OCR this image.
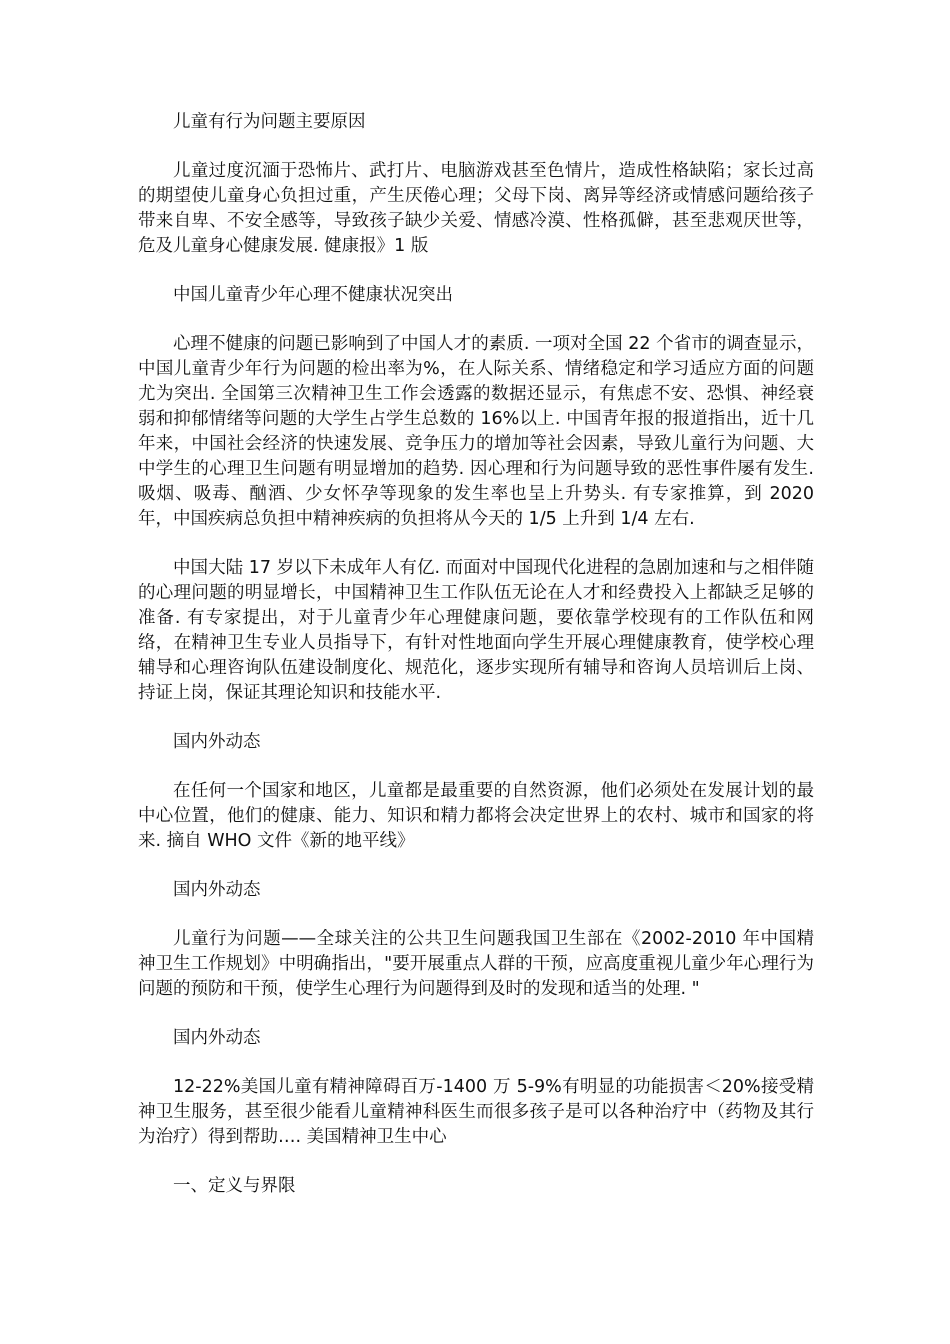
儿童有行为问题主要原因

儿童过度沉湎于恐怖片、武打片、电脑游戏甚至色情片，造成性格缺陷；家长过高的期望使儿童身心负担过重，产生厌倦心理；父母下岗、离异等经济或情感问题给孩子带来自卑、不安全感等，导致孩子缺少关爱、情感冷漠、性格孤僻，甚至悲观厌世等，危及儿童身心健康发展. 健康报》1 版

中国儿童青少年心理不健康状况突出

心理不健康的问题已影响到了中国人才的素质. 一项对全国 22 个省市的调查显示，中国儿童青少年行为问题的检出率为%，在人际关系、情绪稳定和学习适应方面的问题尤为突出. 全国第三次精神卫生工作会透露的数据还显示，有焦虑不安、恐惧、神经衰弱和抑郁情绪等问题的大学生占学生总数的 16%以上. 中国青年报的报道指出，近十几年来，中国社会经济的快速发展、竞争压力的增加等社会因素，导致儿童行为问题、大中学生的心理卫生问题有明显增加的趋势. 因心理和行为问题导致的恶性事件屡有发生. 吸烟、吸毒、酗酒、少女怀孕等现象的发生率也呈上升势头. 有专家推算，到 2020 年，中国疾病总负担中精神疾病的负担将从今天的 1/5 上升到 1/4 左右.

中国大陆 17 岁以下未成年人有亿. 而面对中国现代化进程的急剧加速和与之相伴随的心理问题的明显增长，中国精神卫生工作队伍无论在人才和经费投入上都缺乏足够的准备. 有专家提出，对于儿童青少年心理健康问题，要依靠学校现有的工作队伍和网络，在精神卫生专业人员指导下，有针对性地面向学生开展心理健康教育，使学校心理辅导和心理咨询队伍建设制度化、规范化，逐步实现所有辅导和咨询人员培训后上岗、持证上岗，保证其理论知识和技能水平.

国内外动态

在任何一个国家和地区，儿童都是最重要的自然资源，他们必须处在发展计划的最中心位置，他们的健康、能力、知识和精力都将会决定世界上的农村、城市和国家的将来. 摘自 WHO 文件《新的地平线》

国内外动态

儿童行为问题——全球关注的公共卫生问题我国卫生部在《2002-2010 年中国精神卫生工作规划》中明确指出，"要开展重点人群的干预，应高度重视儿童少年心理行为问题的预防和干预，使学生心理行为问题得到及时的发现和适当的处理. "

国内外动态

12-22%美国儿童有精神障碍百万-1400 万 5-9%有明显的功能损害＜20%接受精神卫生服务，甚至很少能看儿童精神科医生而很多孩子是可以各种治疗中（药物及其行为治疗）得到帮助…. 美国精神卫生中心

一、定义与界限
